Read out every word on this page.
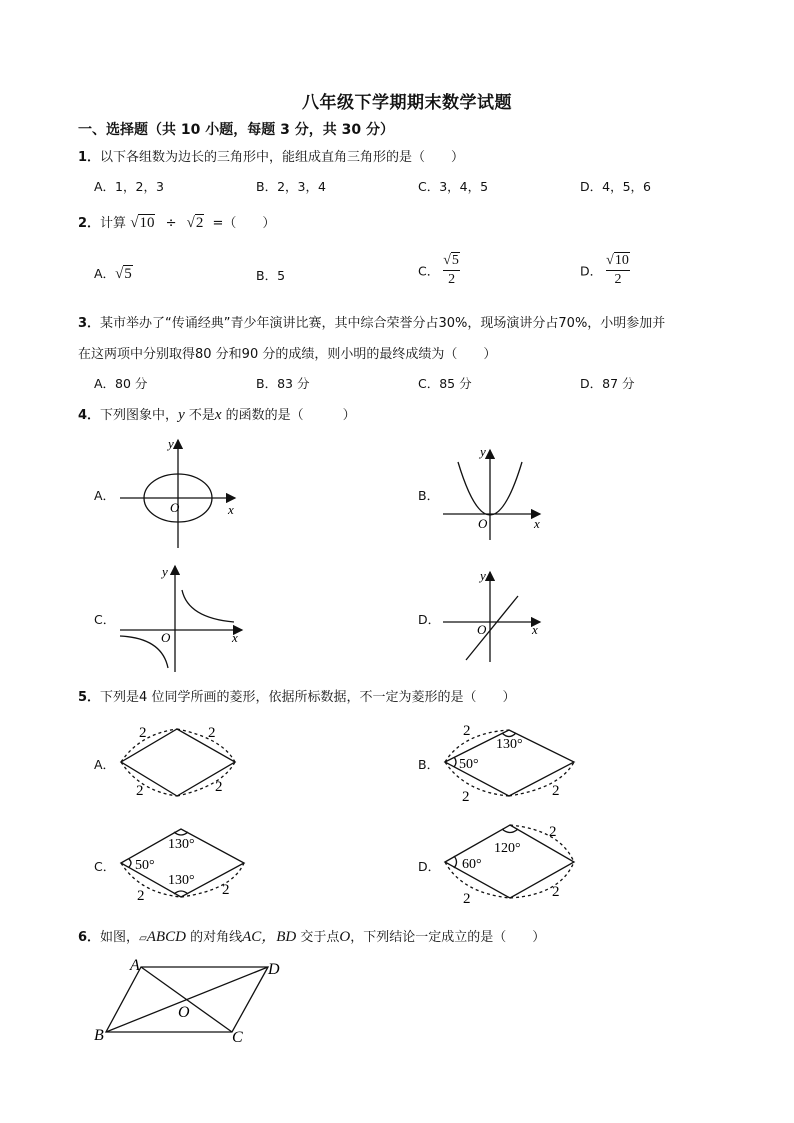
八年级下学期期末数学试题
一、选择题（共 10 小题，每题 3 分，共 30 分）
1．以下各组数为边长的三角形中，能组成直角三角形的是（　　）
A．1，2，3	B．2，3，4	C．3，4，5	D．4，5，6
2．计算 √10 ÷ √2 =（　　）
A．√5	B．5	C． $\frac{√5}{2}$	D． $\frac{√10}{2}$
3．某市举办了“传诵经典”青少年演讲比赛，其中综合荣誉分占30%，现场演讲分占70%，小明参加并
在这两项中分别取得80 分和90 分的成绩，则小明的最终成绩为（　　）
A．80 分	B．83 分	C．85 分	D．87 分
4．下列图象中，y 不是x 的函数的是（　　　）
A．	B．
C．	D．
O	x
y
O	x
y
O	x
y
O	x
y
2	2
2	2
2
2	2
130°
50°
130°
50°
130°
2	2
2
120°
60°
2	2
A	D
B	C
O
5．下列是4 位同学所画的菱形，依据所标数据，不一定为菱形的是（　　）
A．	B．
C．	D．
6．如图，▱ABCD 的对角线AC，BD 交于点O，下列结论一定成立的是（　　）
